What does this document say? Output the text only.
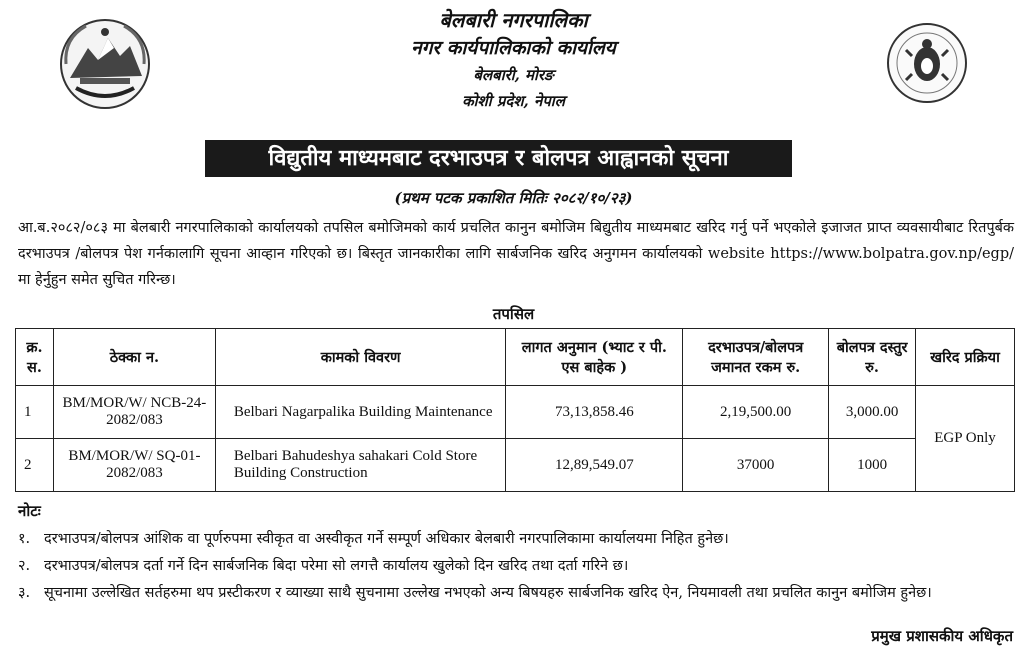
बेलबारी नगरपालिका
नगर कार्यपालिकाको कार्यालय
बेलबारी, मोरङ
कोशी प्रदेश, नेपाल
विद्युतीय माध्यमबाट दरभाउपत्र र बोलपत्र आह्वानको सूचना
(प्रथम पटक प्रकाशित मितिः २०८२/१०/२३)
आ.ब.२०८२/०८३ मा बेलबारी नगरपालिकाको कार्यालयको तपसिल बमोजिमको कार्य प्रचलित कानुन बमोजिम बिद्युतीय माध्यमबाट खरिद गर्नु पर्ने भएकोले इजाजत प्राप्त व्यवसायीबाट रितपुर्बक दरभाउपत्र /बोलपत्र पेश गर्नकालागि सूचना आव्हान गरिएको छ। बिस्तृत जानकारीका लागि सार्बजनिक खरिद अनुगमन कार्यालयको website https://www.bolpatra.gov.np/egp/ मा हेर्नुहुन समेत सुचित गरिन्छ।
तपसिल
क्र. स.	ठेक्का न.	कामको विवरण	लागत अनुमान (भ्याट र पी. एस बाहेक )	दरभाउपत्र/बोलपत्र जमानत रकम रु.	बोलपत्र दस्तुर रु.	खरिद प्रक्रिया
1	BM/MOR/W/ NCB-24-2082/083	Belbari Nagarpalika Building Maintenance	73,13,858.46	2,19,500.00	3,000.00	EGP Only
2	BM/MOR/W/ SQ-01-2082/083	Belbari Bahudeshya sahakari Cold Store Building Construction	12,89,549.07	37000	1000	
नोटः
१. दरभाउपत्र/बोलपत्र आंशिक वा पूर्णरुपमा स्वीकृत वा अस्वीकृत गर्ने सम्पूर्ण अधिकार बेलबारी नगरपालिकामा कार्यालयमा निहित हुनेछ।
२. दरभाउपत्र/बोलपत्र दर्ता गर्ने दिन सार्बजनिक बिदा परेमा सो लगत्तै कार्यालय खुलेको दिन खरिद तथा दर्ता गरिने छ।
३. सूचनामा उल्लेखित सर्तहरुमा थप प्रस्टीकरण र व्याख्या साथै सुचनामा उल्लेख नभएको अन्य बिषयहरु सार्बजनिक खरिद ऐन, नियमावली तथा प्रचलित कानुन बमोजिम हुनेछ।
प्रमुख प्रशासकीय अधिकृत
